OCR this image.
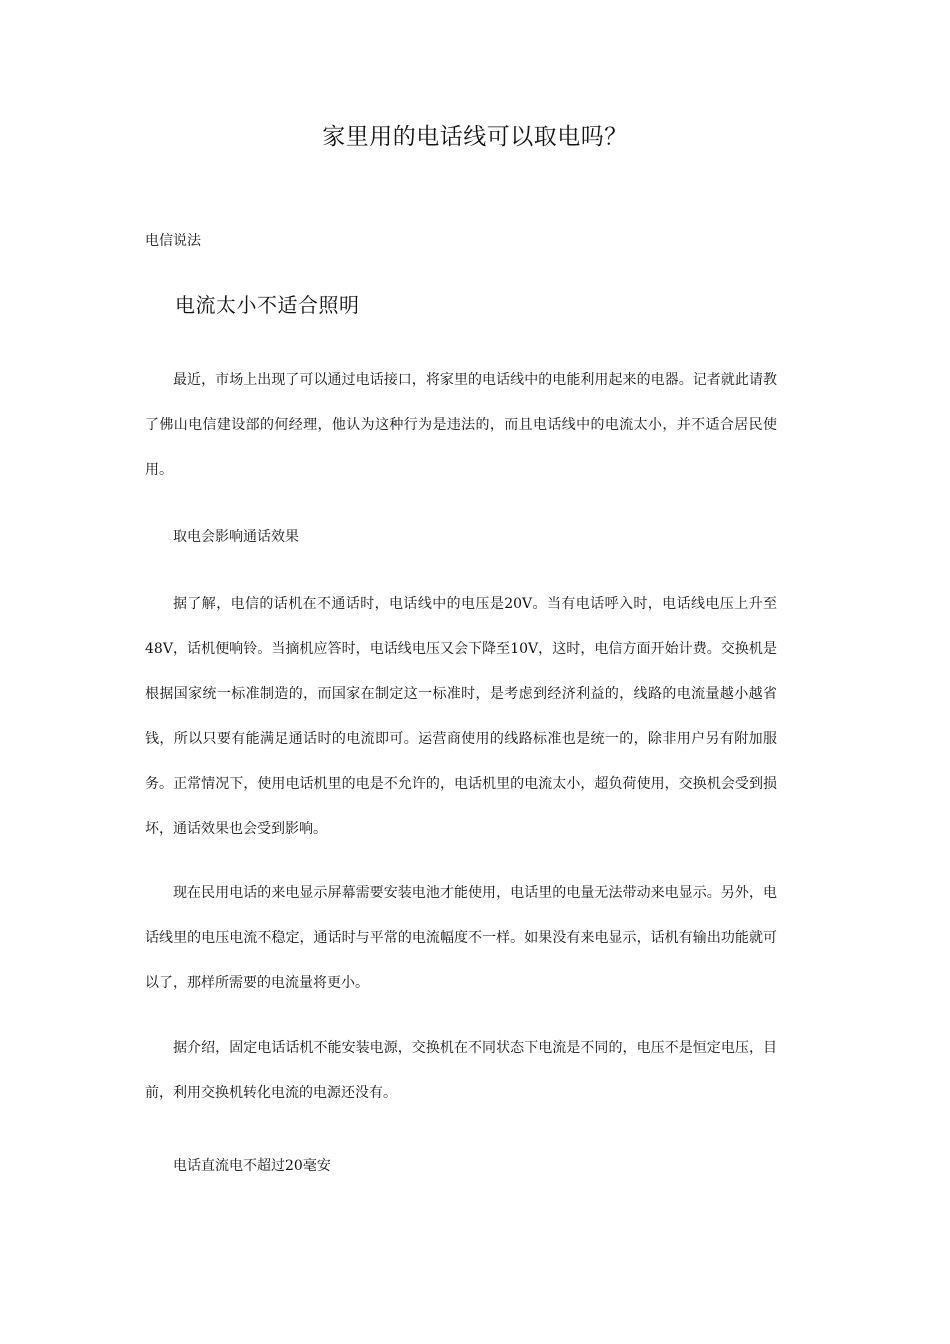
家里用的电话线可以取电吗？

电信说法

电流太小不适合照明

最近，市场上出现了可以通过电话接口，将家里的电话线中的电能利用起来的电器。记者就此请教了佛山电信建设部的何经理，他认为这种行为是违法的，而且电话线中的电流太小，并不适合居民使用。

取电会影响通话效果

据了解，电信的话机在不通话时，电话线中的电压是20V。当有电话呼入时，电话线电压上升至48V，话机便响铃。当摘机应答时，电话线电压又会下降至10V，这时，电信方面开始计费。交换机是根据国家统一标准制造的，而国家在制定这一标准时，是考虑到经济利益的，线路的电流量越小越省钱，所以只要有能满足通话时的电流即可。运营商使用的线路标准也是统一的，除非用户另有附加服务。正常情况下，使用电话机里的电是不允许的，电话机里的电流太小，超负荷使用，交换机会受到损坏，通话效果也会受到影响。

现在民用电话的来电显示屏幕需要安装电池才能使用，电话里的电量无法带动来电显示。另外，电话线里的电压电流不稳定，通话时与平常的电流幅度不一样。如果没有来电显示，话机有输出功能就可以了，那样所需要的电流量将更小。

据介绍，固定电话话机不能安装电源，交换机在不同状态下电流是不同的，电压不是恒定电压，目前，利用交换机转化电流的电源还没有。

电话直流电不超过20毫安
